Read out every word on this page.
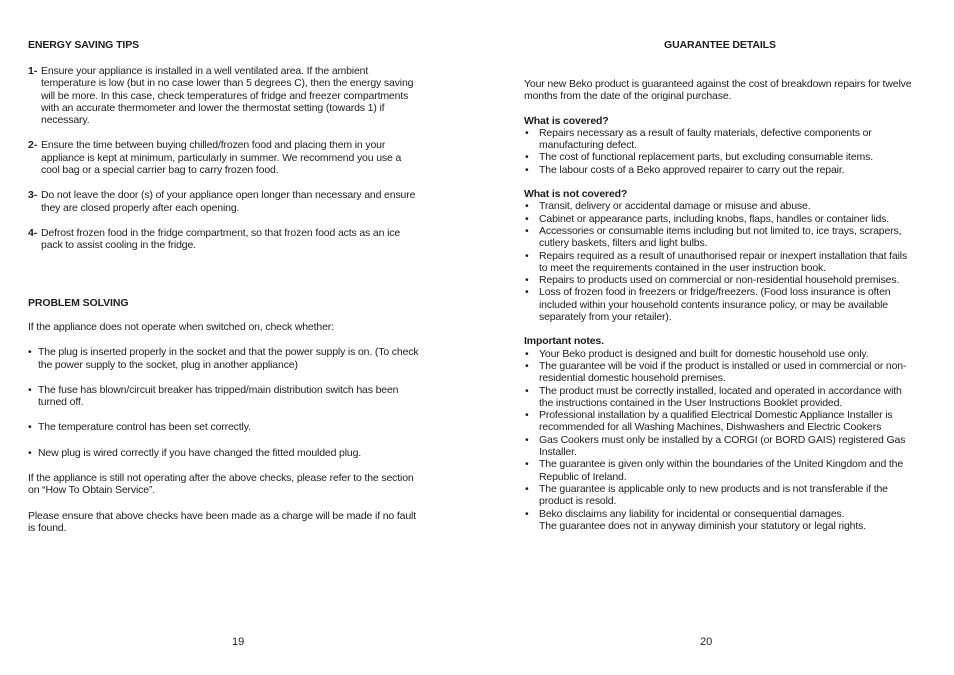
ENERGY SAVING TIPS
1- Ensure your appliance is installed in a well ventilated area. If the ambient temperature is low (but in no case lower than 5 degrees C), then the energy saving will be more. In this case, check temperatures of fridge and freezer compartments with an accurate thermometer and lower the thermostat setting (towards 1) if necessary.
2- Ensure the time between buying chilled/frozen food and placing them in your appliance is kept at minimum, particularly in summer. We recommend you use a cool bag or a special carrier bag to carry frozen food.
3- Do not leave the door (s) of your appliance open longer than necessary and ensure they are closed properly after each opening.
4- Defrost frozen food in the fridge compartment, so that frozen food acts as an ice pack to assist cooling in the fridge.
PROBLEM SOLVING
If the appliance does not operate when switched on, check whether:
• The plug is inserted properly in the socket and that the power supply is on. (To check the power supply to the socket, plug in another appliance)
• The fuse has blown/circuit breaker has tripped/main distribution switch has been turned off.
• The temperature control has been set correctly.
• New plug is wired correctly if you have changed the fitted moulded plug.
If the appliance is still not operating after the above checks, please refer to the section on “How To Obtain Service”.
Please ensure that above checks have been made as a charge will be made if no fault is found.
19
GUARANTEE DETAILS
Your new Beko product is guaranteed against the cost of breakdown repairs for twelve months from the date of the original purchase.
What is covered?
• Repairs necessary as a result of faulty materials, defective components or manufacturing defect.
• The cost of functional replacement parts, but excluding consumable items.
• The labour costs of a Beko approved repairer to carry out the repair.
What is not covered?
• Transit, delivery or accidental damage or misuse and abuse.
• Cabinet or appearance parts, including knobs, flaps, handles or container lids.
• Accessories or consumable items including but not limited to, ice trays, scrapers, cutlery baskets, filters and light bulbs.
• Repairs required as a result of unauthorised repair or inexpert installation that fails to meet the requirements contained in the user instruction book.
• Repairs to products used on commercial or non-residential household premises.
• Loss of frozen food in freezers or fridge/freezers. (Food loss insurance is often included within your household contents insurance policy, or may be available separately from your retailer).
Important notes.
• Your Beko product is designed and built for domestic household use only.
• The guarantee will be void if the product is installed or used in commercial or non-residential domestic household premises.
• The product must be correctly installed, located and operated in accordance with the instructions contained in the User Instructions Booklet provided.
• Professional installation by a qualified Electrical Domestic Appliance Installer is recommended for all Washing Machines, Dishwashers and Electric Cookers
• Gas Cookers must only be installed by a CORGI (or BORD GAIS) registered Gas Installer.
• The guarantee is given only within the boundaries of the United Kingdom and the Republic of Ireland.
• The guarantee is applicable only to new products and is not transferable if the product is resold.
• Beko disclaims any liability for incidental or consequential damages.
The guarantee does not in anyway diminish your statutory or legal rights.
20
